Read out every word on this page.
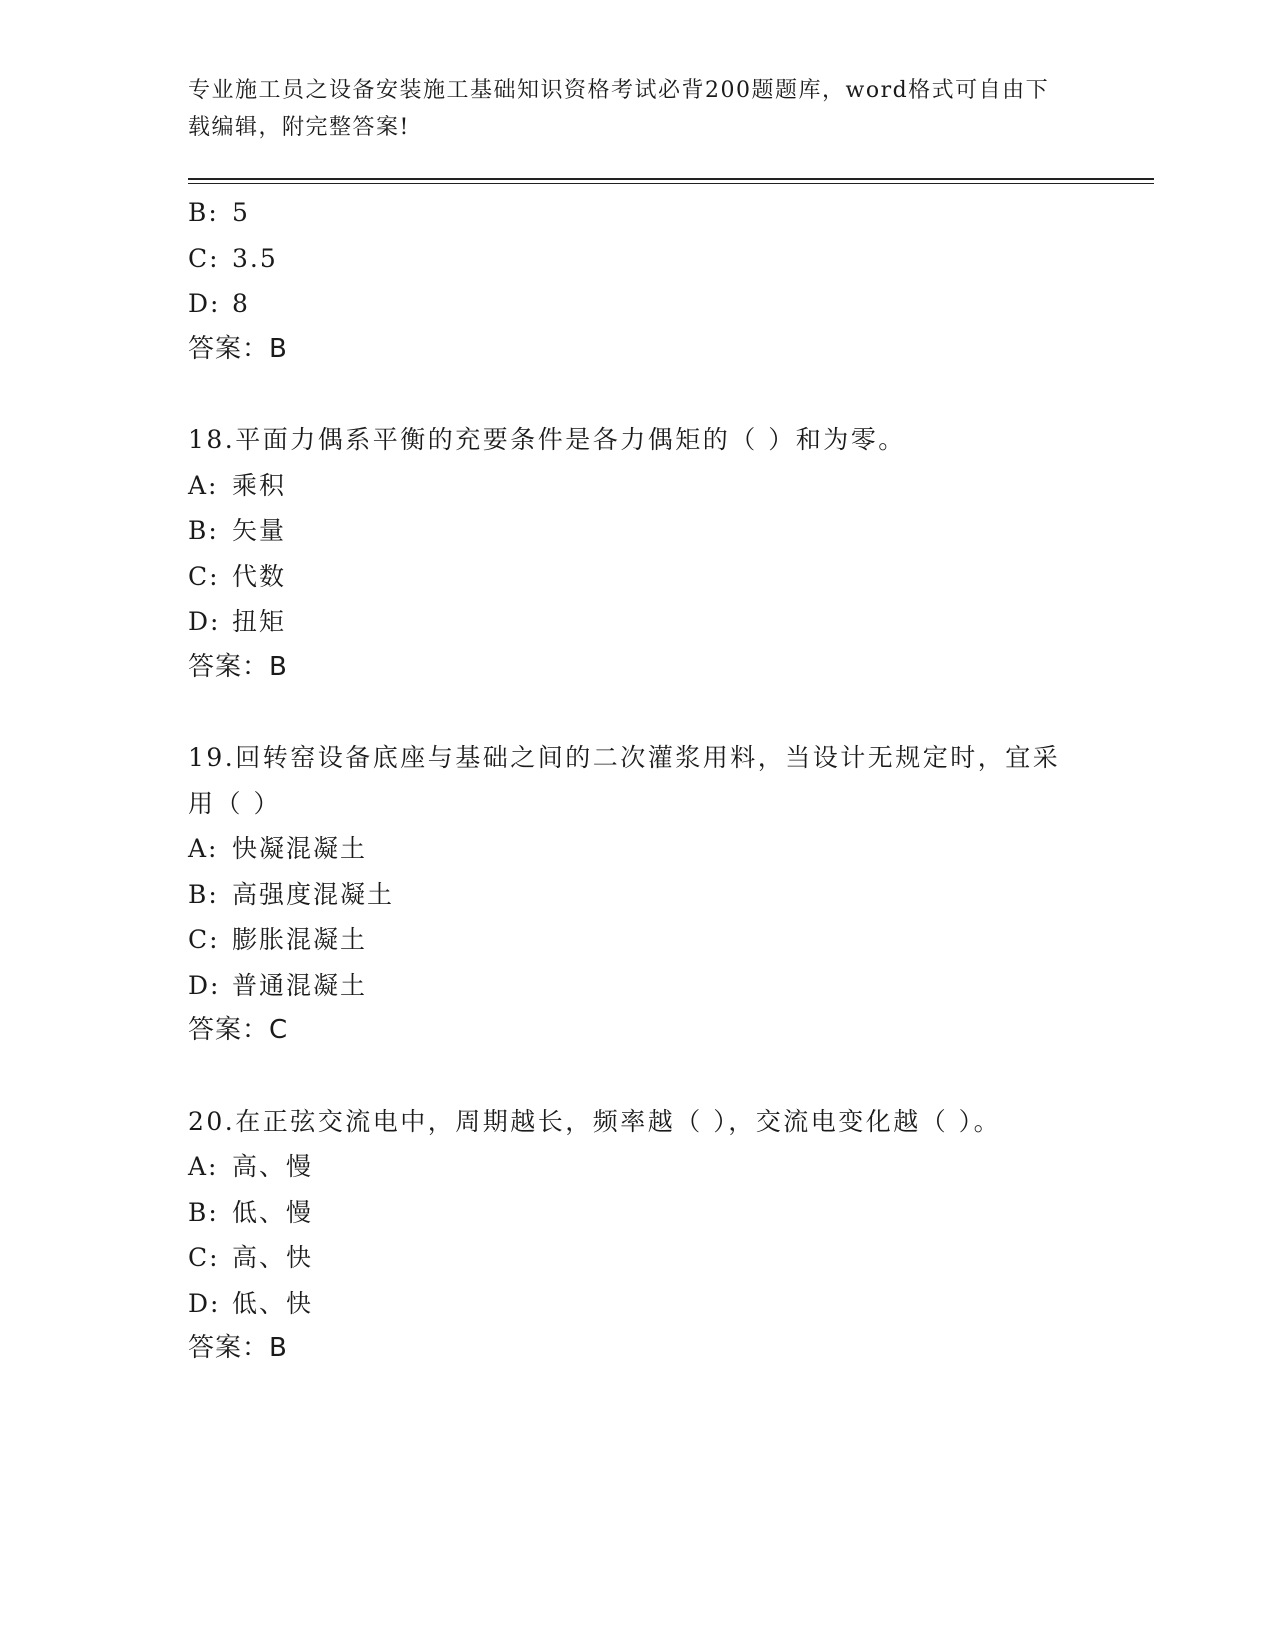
专业施工员之设备安装施工基础知识资格考试必背200题题库，word格式可自由下载编辑，附完整答案!
B: 5
C: 3.5
D: 8
答案：B
18.平面力偶系平衡的充要条件是各力偶矩的（ ）和为零。
A: 乘积
B: 矢量
C: 代数
D: 扭矩
答案：B
19.回转窑设备底座与基础之间的二次灌浆用料，当设计无规定时，宜采用（ ）
A: 快凝混凝土
B: 高强度混凝土
C: 膨胀混凝土
D: 普通混凝土
答案：C
20.在正弦交流电中，周期越长，频率越（ ），交流电变化越（ ）。
A: 高、慢
B: 低、慢
C: 高、快
D: 低、快
答案：B
